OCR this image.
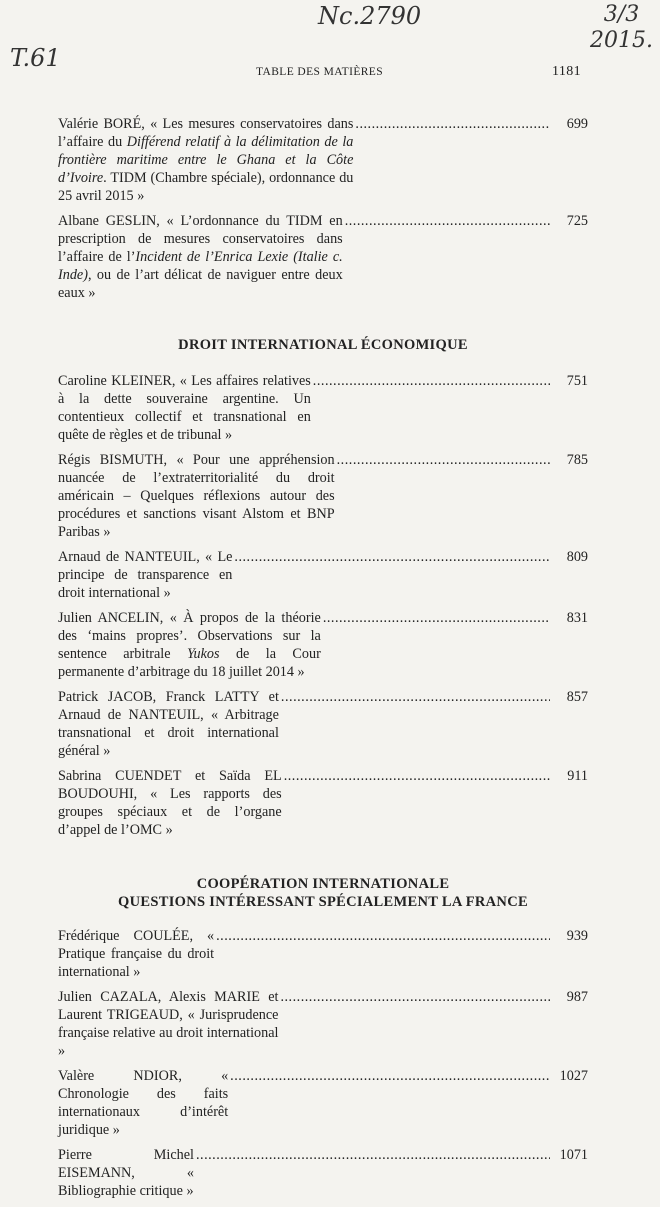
Nc.2790
T.61
3/3
2015.
TABLE DES MATIÈRES	1181
Valérie BORÉ, « Les mesures conservatoires dans l’affaire du Différend relatif à la délimitation de la frontière maritime entre le Ghana et la Côte d’Ivoire. TIDM (Chambre spéciale), ordonnance du 25 avril 2015 »
.....
699
Albane GESLIN, « L’ordonnance du TIDM en prescription de mesures conservatoires dans l’affaire de l’Incident de l’Enrica Lexie (Italie c. Inde), ou de l’art délicat de naviguer entre deux eaux »
.....
725
DROIT INTERNATIONAL ÉCONOMIQUE
Caroline KLEINER, « Les affaires relatives à la dette souveraine argentine. Un contentieux collectif et transnational en quête de règles et de tribunal »
.....
751
Régis BISMUTH, « Pour une appréhension nuancée de l’extraterritorialité du droit américain – Quelques réflexions autour des procédures et sanctions visant Alstom et BNP Paribas »
.....
785
Arnaud de NANTEUIL, « Le principe de transparence en droit international »
.....
809
Julien ANCELIN, « À propos de la théorie des ‘mains propres’. Observations sur la sentence arbitrale Yukos de la Cour permanente d’arbitrage du 18 juillet 2014 »
.....
831
Patrick JACOB, Franck LATTY et Arnaud de NANTEUIL, « Arbitrage transnational et droit international général »
.....
857
Sabrina CUENDET et Saïda EL BOUDOUHI, « Les rapports des groupes spéciaux et de l’organe d’appel de l’OMC »
.....
911
COOPÉRATION INTERNATIONALE
QUESTIONS INTÉRESSANT SPÉCIALEMENT LA FRANCE
Frédérique COULÉE, « Pratique française du droit international »
.....
939
Julien CAZALA, Alexis MARIE et Laurent TRIGEAUD, « Jurisprudence française relative au droit international »
.....
987
Valère NDIOR, « Chronologie des faits internationaux d’intérêt juridique »
.....
1027
Pierre Michel EISEMANN, « Bibliographie critique »
.....
1071
